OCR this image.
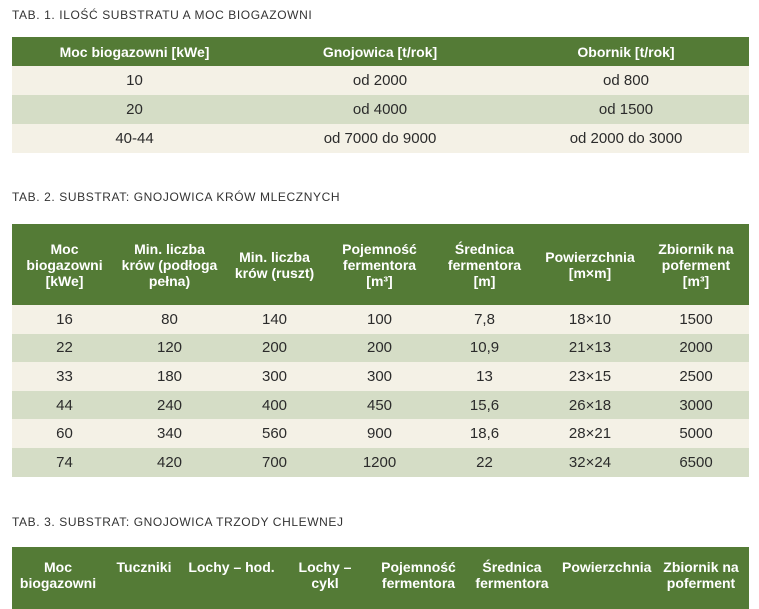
TAB. 1. ILOŚĆ SUBSTRATU A MOC BIOGAZOWNI
Moc biogazowni [kWe]	Gnojowica [t/rok]	Obornik [t/rok]
10	od 2000	od 800
20	od 4000	od 1500
40-44	od 7000 do 9000	od 2000 do 3000
TAB. 2. SUBSTRAT: GNOJOWICA KRÓW MLECZNYCH
Moc biogazowni [kWe]	Min. liczba krów (podłoga pełna)	Min. liczba krów (ruszt)	Pojemność fermentora [m³]	Średnica fermentora [m]	Powierzchnia [m×m]	Zbiornik na poferment [m³]
16	80	140	100	7,8	18×10	1500
22	120	200	200	10,9	21×13	2000
33	180	300	300	13	23×15	2500
44	240	400	450	15,6	26×18	3000
60	340	560	900	18,6	28×21	5000
74	420	700	1200	22	32×24	6500
TAB. 3. SUBSTRAT: GNOJOWICA TRZODY CHLEWNEJ
Moc biogazowni	Tuczniki	Lochy – hod.	Lochy – cykl	Pojemność fermentora	Średnica fermentora	Powierzchnia	Zbiornik na poferment
